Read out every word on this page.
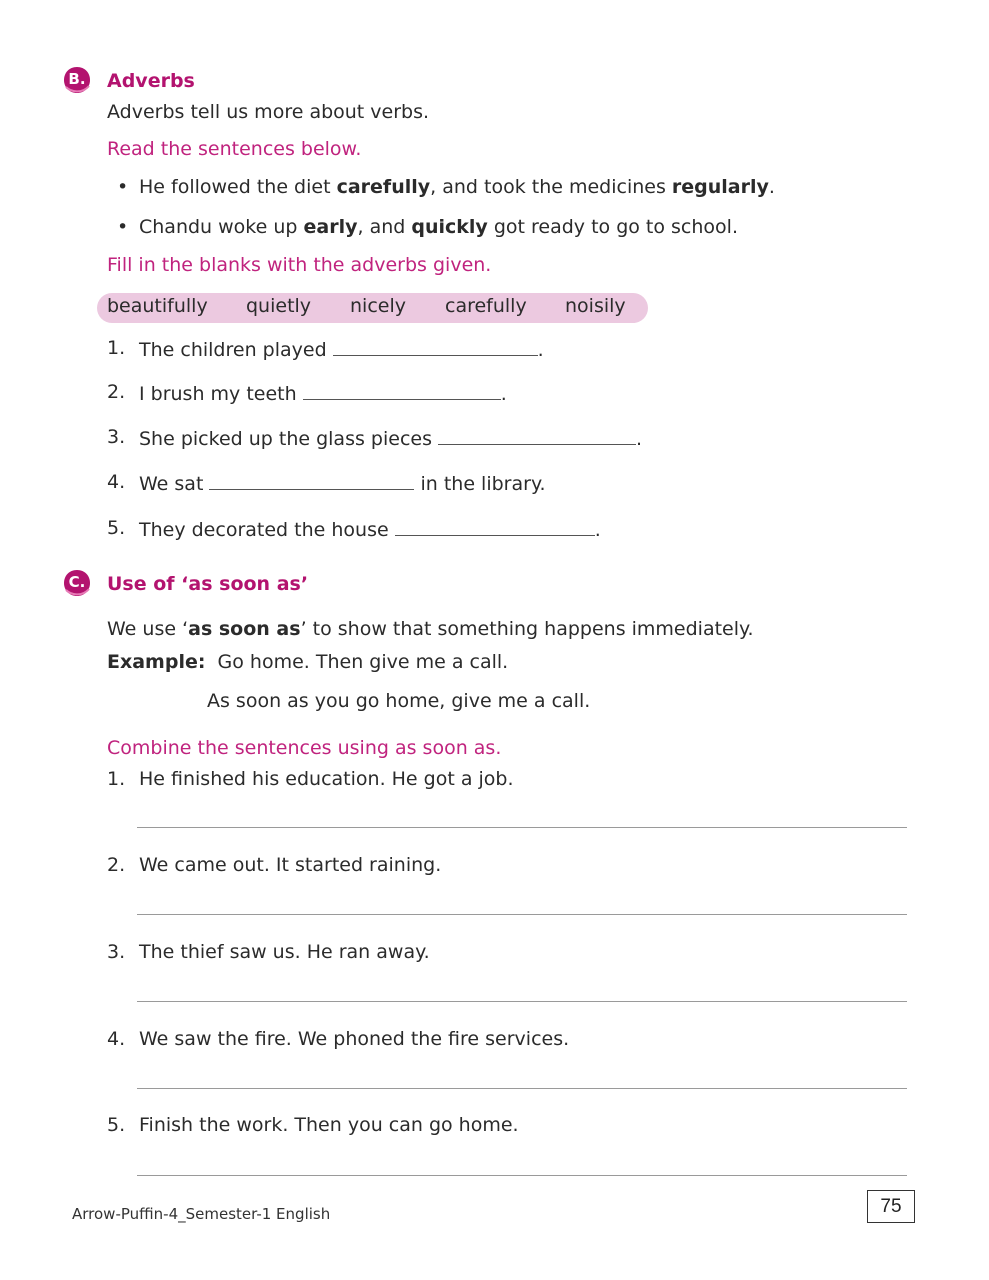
B. Adverbs
Adverbs tell us more about verbs.
Read the sentences below.
• He followed the diet carefully, and took the medicines regularly.
• Chandu woke up early, and quickly got ready to go to school.
Fill in the blanks with the adverbs given.
beautifully quietly nicely carefully noisily
1. The children played	.
2. I brush my teeth	.
3. She picked up the glass pieces	.
4. We sat	in the library.
5. They decorated the house	.
C. Use of ‘as soon as’
We use ‘as soon as’ to show that something happens immediately.
Example: Go home. Then give me a call.
As soon as you go home, give me a call.
Combine the sentences using as soon as.
1. He finished his education. He got a job.
2. We came out. It started raining.
3. The thief saw us. He ran away.
4. We saw the fire. We phoned the fire services.
5. Finish the work. Then you can go home.
Arrow-Puffin-4_Semester-1 English	75
